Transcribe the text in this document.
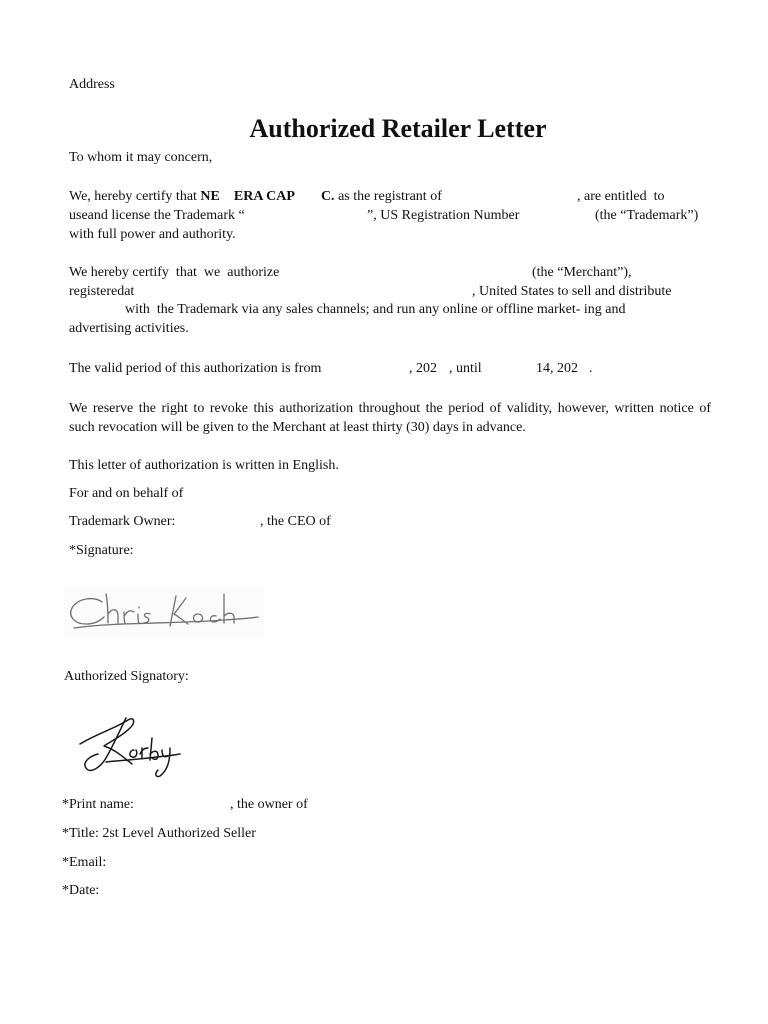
Address
Authorized Retailer Letter
To whom it may concern,
We, hereby certify that NE ERA CAP C. as the registrant of	, are entitled  to
useand license the Trademark “	”, US Registration Number	(the “Trademark”)
with full power and authority.
We hereby certify  that  we  authorize	(the “Merchant”),
registeredat	, United States to sell and distribute
with  the Trademark via any sales channels; and run any online or offline market- ing and
advertising activities.
The valid period of this authorization is from	, 202 , until	14, 202 .
We reserve the right to revoke this authorization throughout the period of validity, however, written notice of
such revocation will be given to the Merchant at least thirty (30) days in advance.
This letter of authorization is written in English.
For and on behalf of
Trademark Owner:	, the CEO of
*Signature:
Authorized Signatory:
*Print name:	, the owner of
*Title: 2st Level Authorized Seller
*Email:
*Date:
